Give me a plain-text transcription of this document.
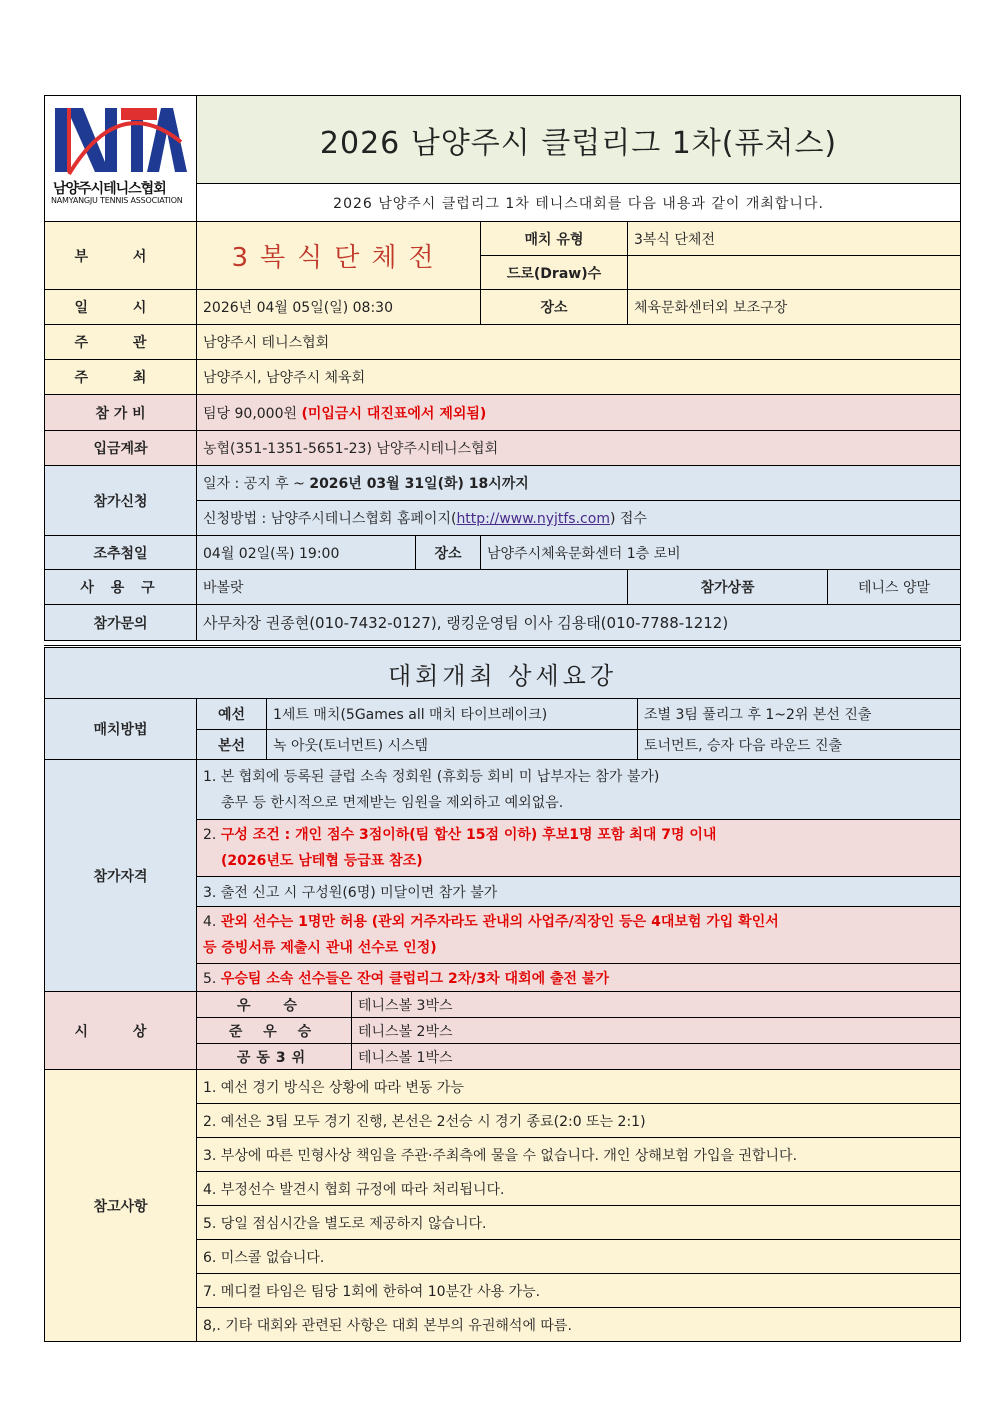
남양주시테니스협회
NAMYANGJU TENNIS ASSOCIATION	2026 남양주시 클럽리그 1차(퓨처스)				
	2026 남양주시 클럽리그 1차 테니스대회를 다음 내용과 같이 개최합니다.				
부 서	3복식단체전		매치 유형	3복식 단체전	
			드로(Draw)수		
일 시	2026년 04월 05일(일) 08:30		장소	체육문화센터외 보조구장	
주 관	남양주시 테니스협회				
주 최	남양주시, 남양주시 체육회				
참 가 비	팀당 90,000원 (미입금시 대진표에서 제외됨)				
입금계좌	농협(351-1351-5651-23) 남양주시테니스협회				
참가신청	일자 : 공지 후 ~ 2026년 03월 31일(화) 18시까지				
	신청방법 : 남양주시테니스협회 홈페이지(http://www.nyjtfs.com) 접수				
조추첨일	04월 02일(목) 19:00	장소	남양주시체육문화센터 1층 로비		
사 용 구	바볼랏			참가상품	테니스 양말
참가문의	사무차장 권종현(010-7432-0127), 랭킹운영팀 이사 김용태(010-7788-1212)				
대회개최 상세요강				
매치방법	예선	1세트 매치(5Games all 매치 타이브레이크)		조별 3팀 풀리그 후 1~2위 본선 진출
	본선	녹 아웃(토너먼트) 시스템		토너먼트, 승자 다음 라운드 진출
참가자격	1. 본 협회에 등록된 클럽 소속 정회원 (휴회등 회비 미 납부자는 참가 불가)
총무 등 한시적으로 면제받는 임원을 제외하고 예외없음.			

	2. 구성 조건 : 개인 점수 3점이하(팀 합산 15점 이하) 후보1명 포함 최대 7명 이내
(2026년도 남테협 등급표 참조)			

	3. 출전 신고 시 구성원(6명) 미달이면 참가 불가			

	4. 관외 선수는 1명만 허용 (관외 거주자라도 관내의 사업주/직장인 등은 4대보험 가입 확인서
등 증빙서류 제출시 관내 선수로 인정)			

	5. 우승팀 소속 선수들은 잔여 클럽리그 2차/3차 대회에 출전 불가			
시 상	우 승		테니스볼 3박스	
	준 우 승		테니스볼 2박스	
	공동3위		테니스볼 1박스	
참고사항	1. 예선 경기 방식은 상황에 따라 변동 가능			
	2. 예선은 3팀 모두 경기 진행, 본선은 2선승 시 경기 종료(2:0 또는 2:1)			
	3. 부상에 따른 민형사상 책임을 주관·주최측에 물을 수 없습니다. 개인 상해보험 가입을 권합니다.			
	4. 부정선수 발견시 협회 규정에 따라 처리됩니다.			
	5. 당일 점심시간을 별도로 제공하지 않습니다.			
	6. 미스콜 없습니다.			
	7. 메디컬 타임은 팀당 1회에 한하여 10분간 사용 가능.			
	8,. 기타 대회와 관련된 사항은 대회 본부의 유권해석에 따름.			
